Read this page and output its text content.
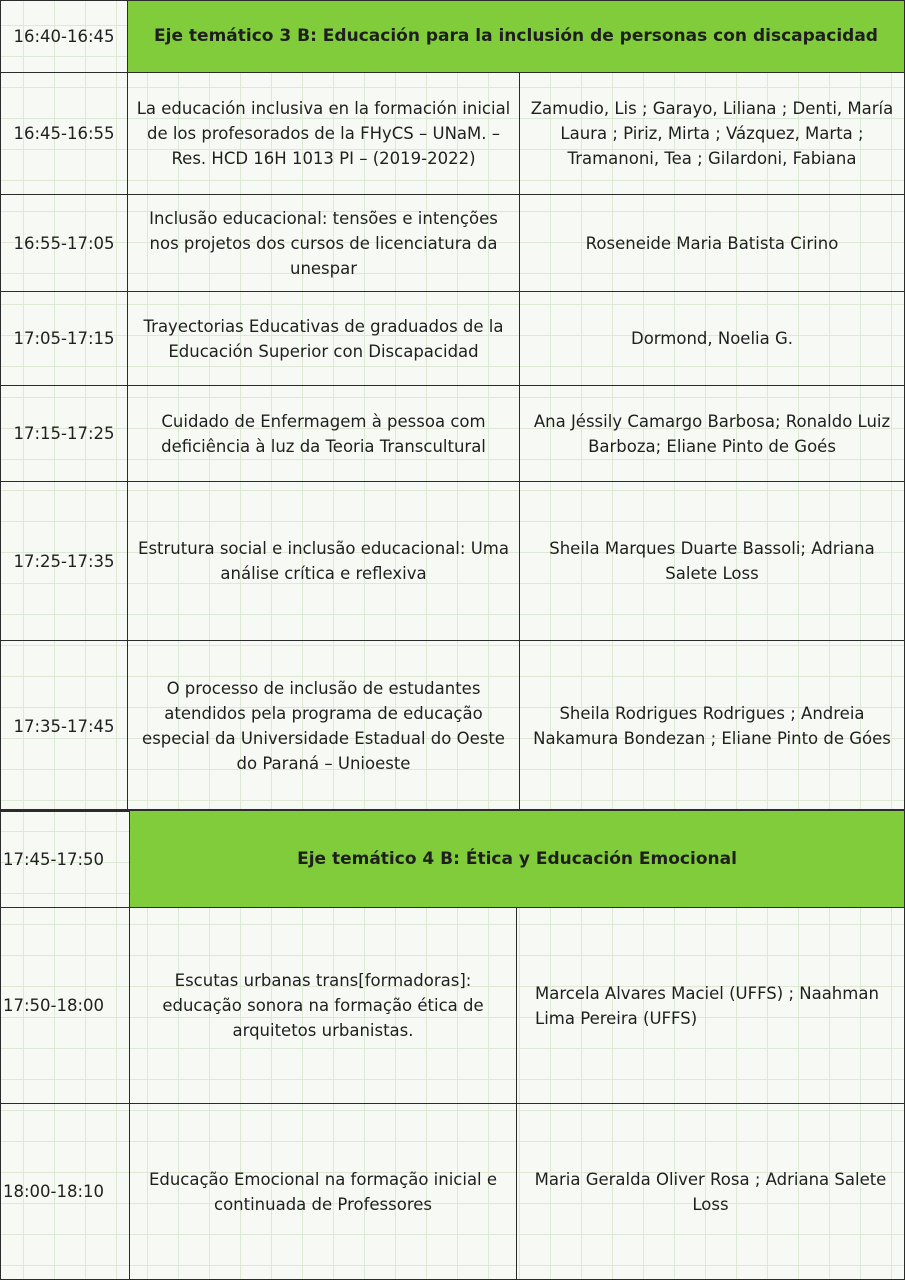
16:40-16:45	Eje temático 3 B: Educación para la inclusión de personas con discapacidad
16:45-16:55
La educación inclusiva en la formación inicial de los profesorados de la FHyCS – UNaM. – Res. HCD 16H 1013 PI – (2019-2022)
Zamudio, Lis ; Garayo, Liliana ; Denti, María Laura ; Piriz, Mirta ; Vázquez, Marta ; Tramanoni, Tea ; Gilardoni, Fabiana
16:55-17:05
Inclusão educacional: tensões e intenções nos projetos dos cursos de licenciatura da unespar
Roseneide Maria Batista Cirino
17:05-17:15
Trayectorias Educativas de graduados de la Educación Superior con Discapacidad
Dormond, Noelia G.
17:15-17:25
Cuidado de Enfermagem à pessoa com deficiência à luz da Teoria Transcultural
Ana Jéssily Camargo Barbosa; Ronaldo Luiz Barboza; Eliane Pinto de Goés
17:25-17:35
Estrutura social e inclusão educacional: Uma análise crítica e reflexiva
Sheila Marques Duarte Bassoli; Adriana Salete Loss
17:35-17:45
O processo de inclusão de estudantes atendidos pela programa de educação especial da Universidade Estadual do Oeste do Paraná – Unioeste
Sheila Rodrigues Rodrigues ; Andreia Nakamura Bondezan ; Eliane Pinto de Góes
17:45-17:50	Eje temático 4 B: Ética y Educación Emocional
17:50-18:00
Escutas urbanas trans[formadoras]: educação sonora na formação ética de arquitetos urbanistas.
Marcela Alvares Maciel (UFFS) ; Naahman Lima Pereira (UFFS)
18:00-18:10
Educação Emocional na formação inicial e continuada de Professores
Maria Geralda Oliver Rosa ; Adriana Salete Loss
